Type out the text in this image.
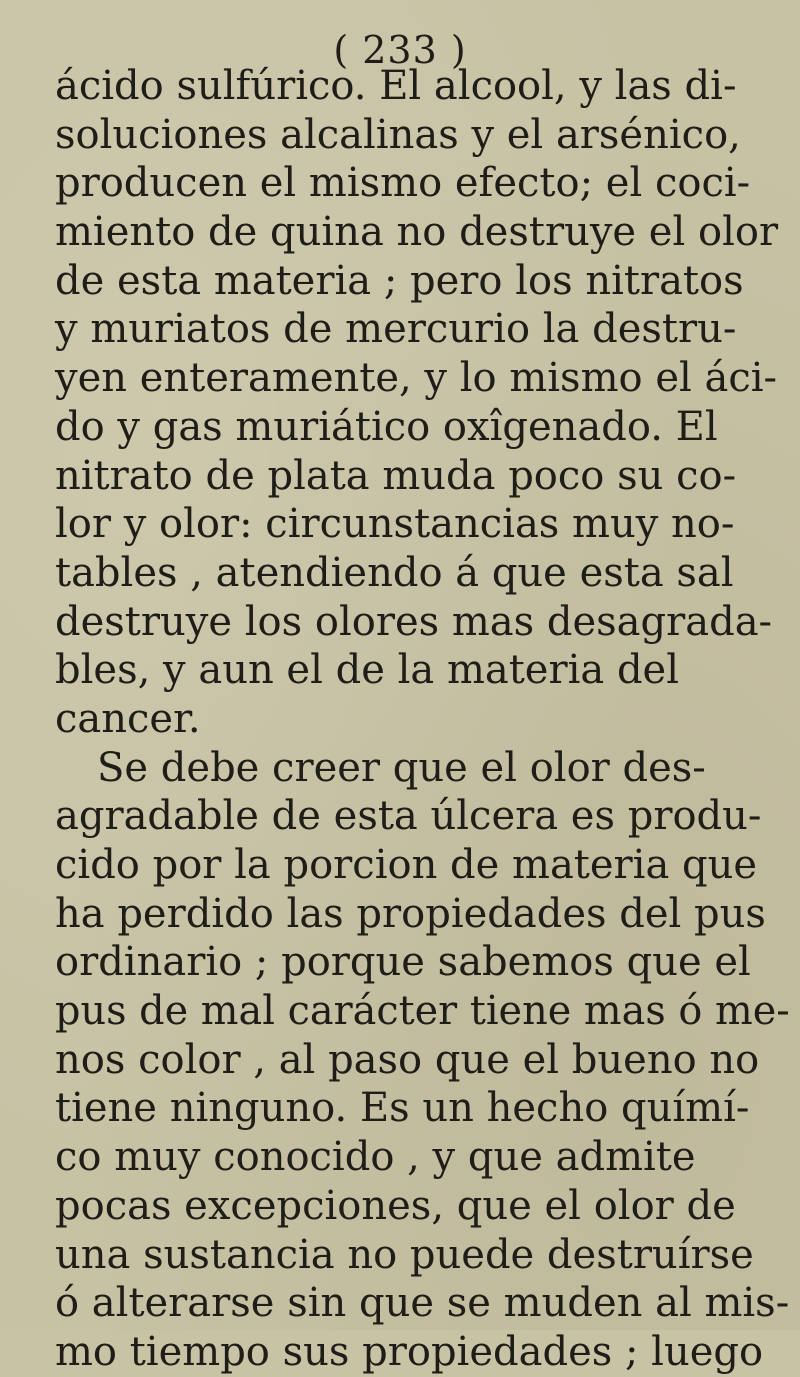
( 233 )
ácido sulfúrico. El alcool, y las di-
soluciones alcalinas y el arsénico,
producen el mismo efecto; el coci-
miento de quina no destruye el olor
de esta materia ; pero los nitratos
y muriatos de mercurio la destru-
yen enteramente, y lo mismo el áci-
do y gas muriático oxîgenado. El
nitrato de plata muda poco su co-
lor y olor: circunstancias muy no-
tables , atendiendo á que esta sal
destruye los olores mas desagrada-
bles, y aun el de la materia del
cancer.
Se debe creer que el olor des-
agradable de esta úlcera es produ-
cido por la porcion de materia que
ha perdido las propiedades del pus
ordinario ; porque sabemos que el
pus de mal carácter tiene mas ó me-
nos color , al paso que el bueno no
tiene ninguno. Es un hecho químí-
co muy conocido , y que admite
pocas excepciones, que el olor de
una sustancia no puede destruírse
ó alterarse sin que se muden al mis-
mo tiempo sus propiedades ; luego
